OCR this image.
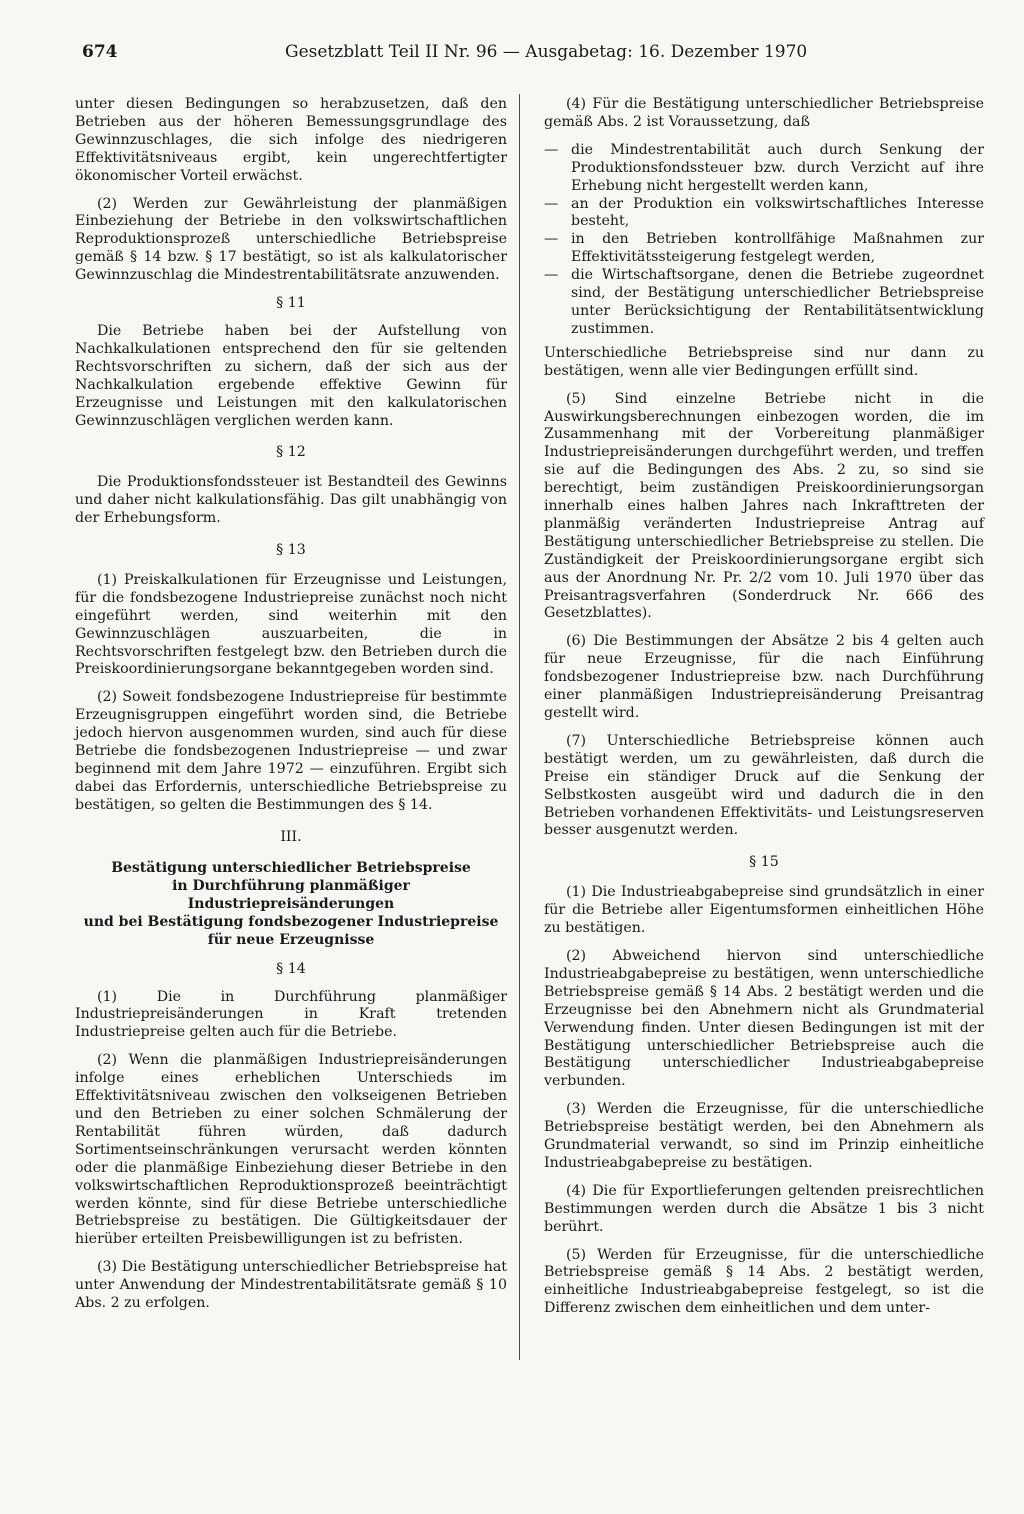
674	Gesetzblatt Teil II Nr. 96 — Ausgabetag: 16. Dezember 1970

unter diesen Bedingungen so herabzusetzen, daß den Betrieben aus der höheren Bemessungsgrundlage des Gewinnzuschlages, die sich infolge des niedrigeren Effektivitätsniveaus ergibt, kein ungerechtfertigter ökonomischer Vorteil erwächst.

(2) Werden zur Gewährleistung der planmäßigen Einbeziehung der Betriebe in den volkswirtschaftlichen Reproduktionsprozeß unterschiedliche Betriebspreise gemäß § 14 bzw. § 17 bestätigt, so ist als kalkulatorischer Gewinnzuschlag die Mindestrentabilitätsrate anzuwenden.

§ 11

Die Betriebe haben bei der Aufstellung von Nachkalkulationen entsprechend den für sie geltenden Rechtsvorschriften zu sichern, daß der sich aus der Nachkalkulation ergebende effektive Gewinn für Erzeugnisse und Leistungen mit den kalkulatorischen Gewinnzuschlägen verglichen werden kann.

§ 12

Die Produktionsfondssteuer ist Bestandteil des Gewinns und daher nicht kalkulationsfähig. Das gilt unabhängig von der Erhebungsform.

§ 13

(1) Preiskalkulationen für Erzeugnisse und Leistungen, für die fondsbezogene Industriepreise zunächst noch nicht eingeführt werden, sind weiterhin mit den Gewinnzuschlägen auszuarbeiten, die in Rechtsvorschriften festgelegt bzw. den Betrieben durch die Preiskoordinierungsorgane bekanntgegeben worden sind.

(2) Soweit fondsbezogene Industriepreise für bestimmte Erzeugnisgruppen eingeführt worden sind, die Betriebe jedoch hiervon ausgenommen wurden, sind auch für diese Betriebe die fondsbezogenen Industriepreise — und zwar beginnend mit dem Jahre 1972 — einzuführen. Ergibt sich dabei das Erfordernis, unterschiedliche Betriebspreise zu bestätigen, so gelten die Bestimmungen des § 14.

III.

Bestätigung unterschiedlicher Betriebspreise
in Durchführung planmäßiger Industriepreisänderungen
und bei Bestätigung fondsbezogener Industriepreise
für neue Erzeugnisse

§ 14

(1) Die in Durchführung planmäßiger Industriepreisänderungen in Kraft tretenden Industriepreise gelten auch für die Betriebe.

(2) Wenn die planmäßigen Industriepreisänderungen infolge eines erheblichen Unterschieds im Effektivitätsniveau zwischen den volkseigenen Betrieben und den Betrieben zu einer solchen Schmälerung der Rentabilität führen würden, daß dadurch Sortimentseinschränkungen verursacht werden könnten oder die planmäßige Einbeziehung dieser Betriebe in den volkswirtschaftlichen Reproduktionsprozeß beeinträchtigt werden könnte, sind für diese Betriebe unterschiedliche Betriebspreise zu bestätigen. Die Gültigkeitsdauer der hierüber erteilten Preisbewilligungen ist zu befristen.

(3) Die Bestätigung unterschiedlicher Betriebspreise hat unter Anwendung der Mindestrentabilitätsrate gemäß § 10 Abs. 2 zu erfolgen.

(4) Für die Bestätigung unterschiedlicher Betriebspreise gemäß Abs. 2 ist Voraussetzung, daß

— die Mindestrentabilität auch durch Senkung der Produktionsfondssteuer bzw. durch Verzicht auf ihre Erhebung nicht hergestellt werden kann,
— an der Produktion ein volkswirtschaftliches Interesse besteht,
— in den Betrieben kontrollfähige Maßnahmen zur Effektivitätssteigerung festgelegt werden,
— die Wirtschaftsorgane, denen die Betriebe zugeordnet sind, der Bestätigung unterschiedlicher Betriebspreise unter Berücksichtigung der Rentabilitätsentwicklung zustimmen.

Unterschiedliche Betriebspreise sind nur dann zu bestätigen, wenn alle vier Bedingungen erfüllt sind.

(5) Sind einzelne Betriebe nicht in die Auswirkungsberechnungen einbezogen worden, die im Zusammenhang mit der Vorbereitung planmäßiger Industriepreisänderungen durchgeführt werden, und treffen sie auf die Bedingungen des Abs. 2 zu, so sind sie berechtigt, beim zuständigen Preiskoordinierungsorgan innerhalb eines halben Jahres nach Inkrafttreten der planmäßig veränderten Industriepreise Antrag auf Bestätigung unterschiedlicher Betriebspreise zu stellen. Die Zuständigkeit der Preiskoordinierungsorgane ergibt sich aus der Anordnung Nr. Pr. 2/2 vom 10. Juli 1970 über das Preisantragsverfahren (Sonderdruck Nr. 666 des Gesetzblattes).

(6) Die Bestimmungen der Absätze 2 bis 4 gelten auch für neue Erzeugnisse, für die nach Einführung fondsbezogener Industriepreise bzw. nach Durchführung einer planmäßigen Industriepreisänderung Preisantrag gestellt wird.

(7) Unterschiedliche Betriebspreise können auch bestätigt werden, um zu gewährleisten, daß durch die Preise ein ständiger Druck auf die Senkung der Selbstkosten ausgeübt wird und dadurch die in den Betrieben vorhandenen Effektivitäts- und Leistungsreserven besser ausgenutzt werden.

§ 15

(1) Die Industrieabgabepreise sind grundsätzlich in einer für die Betriebe aller Eigentumsformen einheitlichen Höhe zu bestätigen.

(2) Abweichend hiervon sind unterschiedliche Industrieabgabepreise zu bestätigen, wenn unterschiedliche Betriebspreise gemäß § 14 Abs. 2 bestätigt werden und die Erzeugnisse bei den Abnehmern nicht als Grundmaterial Verwendung finden. Unter diesen Bedingungen ist mit der Bestätigung unterschiedlicher Betriebspreise auch die Bestätigung unterschiedlicher Industrieabgabepreise verbunden.

(3) Werden die Erzeugnisse, für die unterschiedliche Betriebspreise bestätigt werden, bei den Abnehmern als Grundmaterial verwandt, so sind im Prinzip einheitliche Industrieabgabepreise zu bestätigen.

(4) Die für Exportlieferungen geltenden preisrechtlichen Bestimmungen werden durch die Absätze 1 bis 3 nicht berührt.

(5) Werden für Erzeugnisse, für die unterschiedliche Betriebspreise gemäß § 14 Abs. 2 bestätigt werden, einheitliche Industrieabgabepreise festgelegt, so ist die Differenz zwischen dem einheitlichen und dem unter-
